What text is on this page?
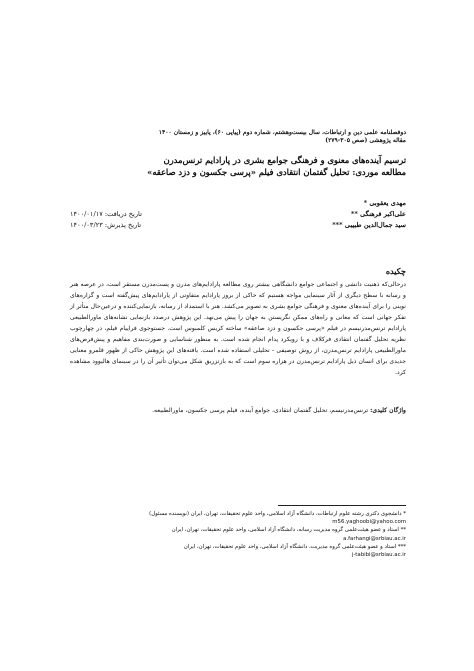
دوفصلنامه علمی دین و ارتباطات، سال بیست‌وهشتم، شماره دوم (پیاپی ۶۰)، پاییز و زمستان ۱۴۰۰
مقاله پژوهشی (صص ۳۰۵-۲۷۹)
ترسیم آینده‌های معنوی و فرهنگی جوامع بشری در پارادایم ترنس‌مدرن
مطالعه موردی: تحلیل گفتمان انتقادی فیلم «پرسی جکسون و دزد صاعقه»
مهدی یعقوبی *
علی‌اکبر فرهنگی **
تاریخ دریافت: ۱۴۰۰/۰۱/۱۷
سید جمال‌الدین طبیبی ***
تاریخ پذیرش: ۱۴۰۰/۰۳/۲۳
چکیده
درحالی‌که ذهنیت دانشی و اجتماعی جوامع دانشگاهی بیشتر روی مطالعه پارادایم‌های مدرن و پست‌مدرن مستقر است، در عرصه هنر و رسانه با سطح دیگری از آثار سینمایی مواجه هستیم که حاکی از بروز پارادایم متفاوتی از پارادایم‌های پیش‌گفته است و گزاره‌های نوینی را برای آینده‌های معنوی و فرهنگی جوامع بشری به تصویر می‌کشد. هنر با استمداد از رسانه، بازنمایی‌کننده و درعین‌حال متأثر از تفکر جهانی است که معانی و راه‌های ممکن نگریستن به جهان را پیش می‌نهد. این پژوهش درصدد بازنمایی نشانه‌های ماورالطبیعی پارادایم ترنس‌مدرنیسم در فیلم «پرسی جکسون و دزد صاعقه» ساخته کریس کلمبوس است. جستوجوی فراپیام فیلم، در چهارچوب نظریه تحلیل گفتمان انتقادی فرکلاف و با رویکرد پدام انجام شده است. به منظور شناسایی و صورت‌بندی مفاهیم و پیش‌فرض‌های ماورالطبیعی پارادایم ترنس‌مدرن، از روش توصیفی - تحلیلی استفاده شده است. یافته‌های این پژوهش حاکی از ظهور قلمرو معنایی جدیدی برای انسان ذیل پارادایم ترنس‌مدرن در هزاره سوم است که به بازتزریق شکل می‌توان تأثیر آن را در سینمای هالیوود مشاهده کرد.
واژگان کلیدی: ترنس‌مدرنیسم، تحلیل گفتمان انتقادی، جوامع آینده، فیلم پرسی جکسون، ماورالطبیعه.

* دانشجوی دکتری رشته علوم ارتباطات، دانشگاه آزاد اسلامی، واحد علوم تحقیقات، تهران، ایران (نویسنده مسئول)

m56.yaghoobi@yahoo.com

** استاد و عضو هیئت‌علمی گروه مدیریت رسانه، دانشگاه آزاد اسلامی، واحد علوم تحقیقات، تهران، ایران

a.farhangi@srbiau.ac.ir

*** استاد و عضو هیئت‌علمی گروه مدیریت، دانشگاه آزاد اسلامی، واحد علوم تحقیقات، تهران، ایران

j-tabibi@srbiau.ac.ir
